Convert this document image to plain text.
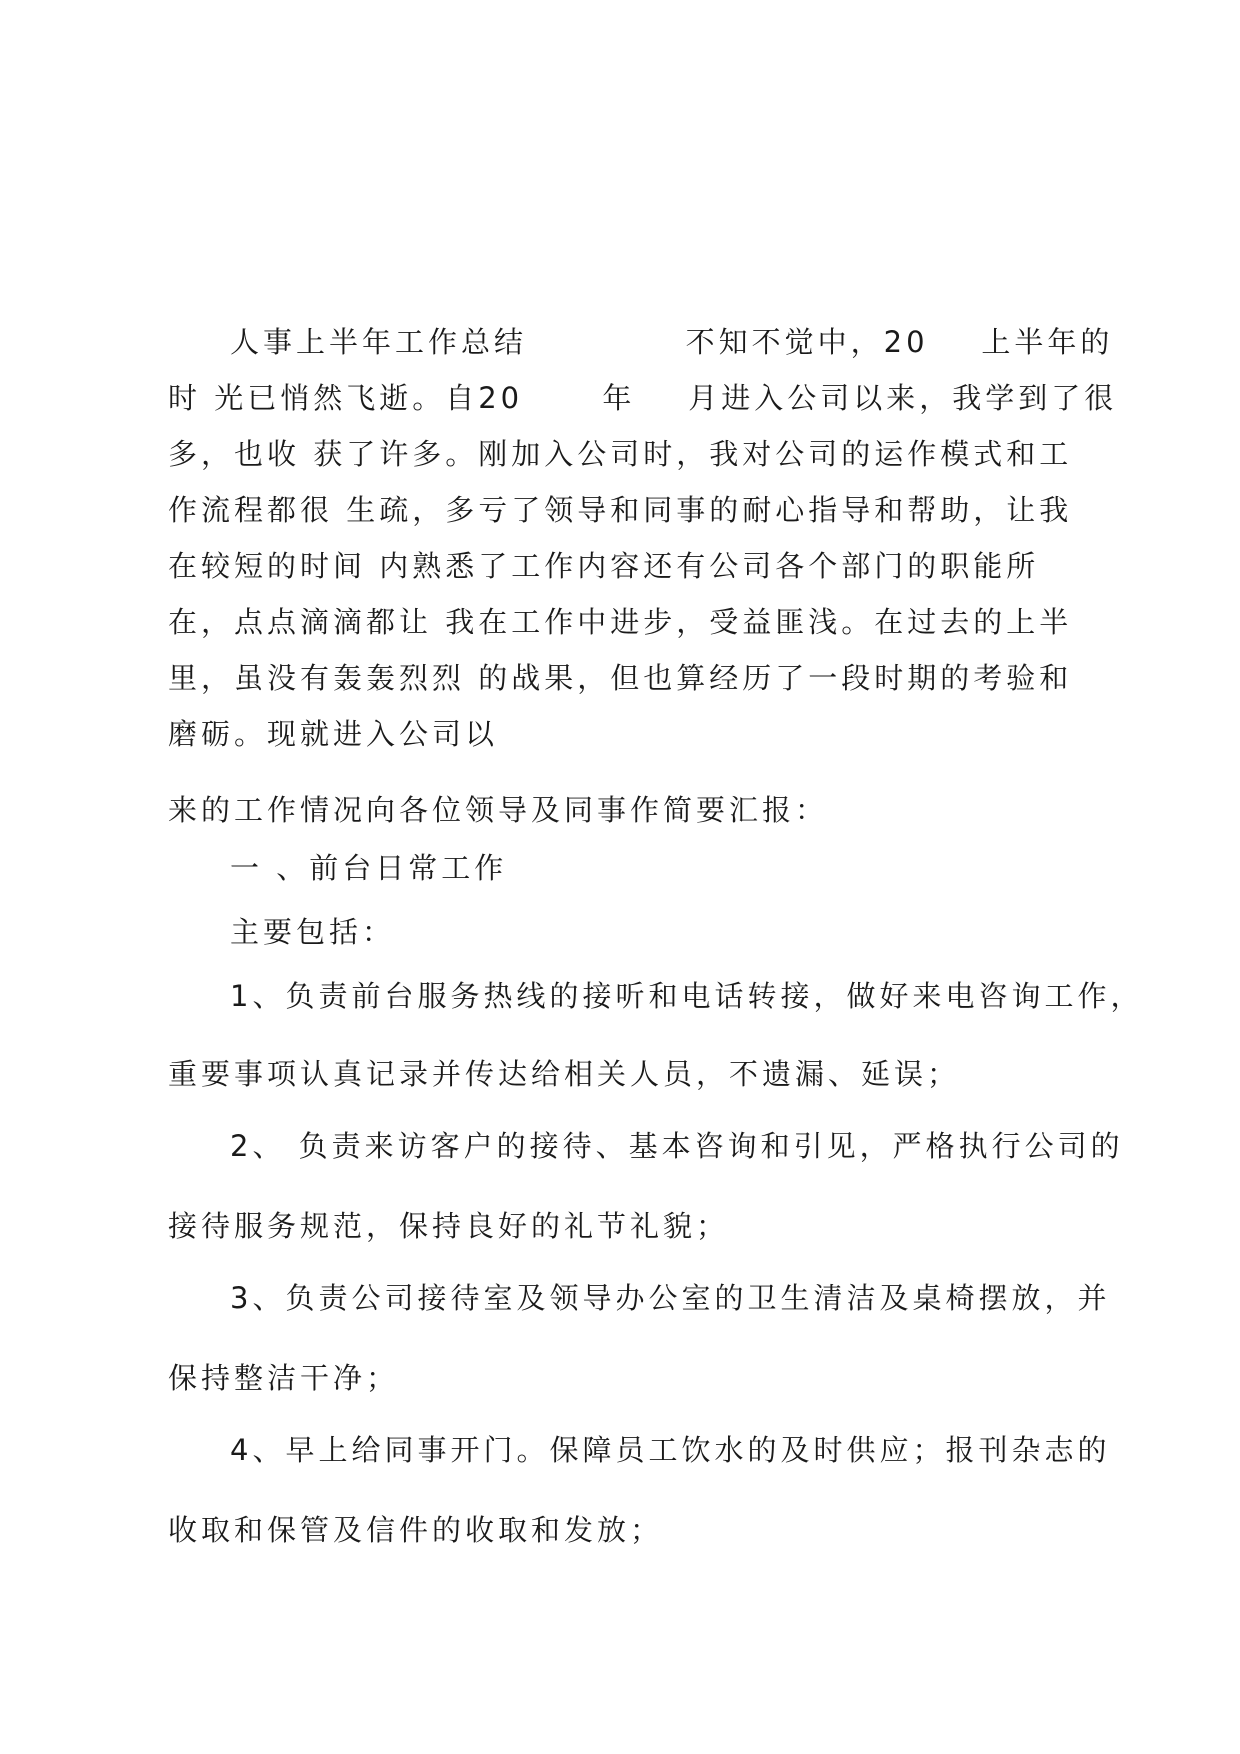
人事上半年工作总结            不知不觉中，20    上半年的
时 光已悄然飞逝。自20      年    月进入公司以来，我学到了很
多，也收 获了许多。刚加入公司时，我对公司的运作模式和工
作流程都很 生疏，多亏了领导和同事的耐心指导和帮助，让我
在较短的时间 内熟悉了工作内容还有公司各个部门的职能所
在，点点滴滴都让 我在工作中进步，受益匪浅。在过去的上半
里，虽没有轰轰烈烈 的战果，但也算经历了一段时期的考验和
磨砺。现就进入公司以
来的工作情况向各位领导及同事作简要汇报：
一 、前台日常工作
主要包括：
1、负责前台服务热线的接听和电话转接，做好来电咨询工作，
重要事项认真记录并传达给相关人员，不遗漏、延误；
2、 负责来访客户的接待、基本咨询和引见，严格执行公司的
接待服务规范，保持良好的礼节礼貌；
3、负责公司接待室及领导办公室的卫生清洁及桌椅摆放，并
保持整洁干净；
4、早上给同事开门。保障员工饮水的及时供应；报刊杂志的
收取和保管及信件的收取和发放；
